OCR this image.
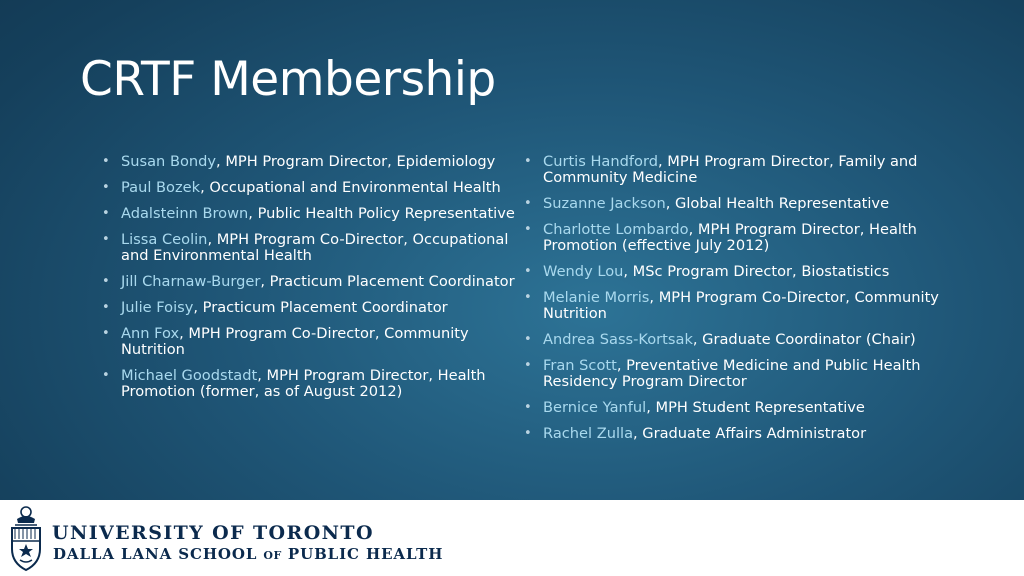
CRTF Membership
• Susan Bondy, MPH Program Director, Epidemiology
• Paul Bozek, Occupational and Environmental Health
• Adalsteinn Brown, Public Health Policy Representative
• Lissa Ceolin, MPH Program Co-Director, Occupational and Environmental Health
• Jill Charnaw-Burger, Practicum Placement Coordinator
• Julie Foisy, Practicum Placement Coordinator
• Ann Fox, MPH Program Co-Director, Community Nutrition
• Michael Goodstadt, MPH Program Director, Health Promotion (former, as of August 2012)
• Curtis Handford, MPH Program Director, Family and Community Medicine
• Suzanne Jackson, Global Health Representative
• Charlotte Lombardo, MPH Program Director, Health Promotion (effective July 2012)
• Wendy Lou, MSc Program Director, Biostatistics
• Melanie Morris, MPH Program Co-Director, Community Nutrition
• Andrea Sass-Kortsak, Graduate Coordinator (Chair)
• Fran Scott, Preventative Medicine and Public Health Residency Program Director
• Bernice Yanful, MPH Student Representative
• Rachel Zulla, Graduate Affairs Administrator
UNIVERSITY OF TORONTO
DALLA LANA SCHOOL OF PUBLIC HEALTH
